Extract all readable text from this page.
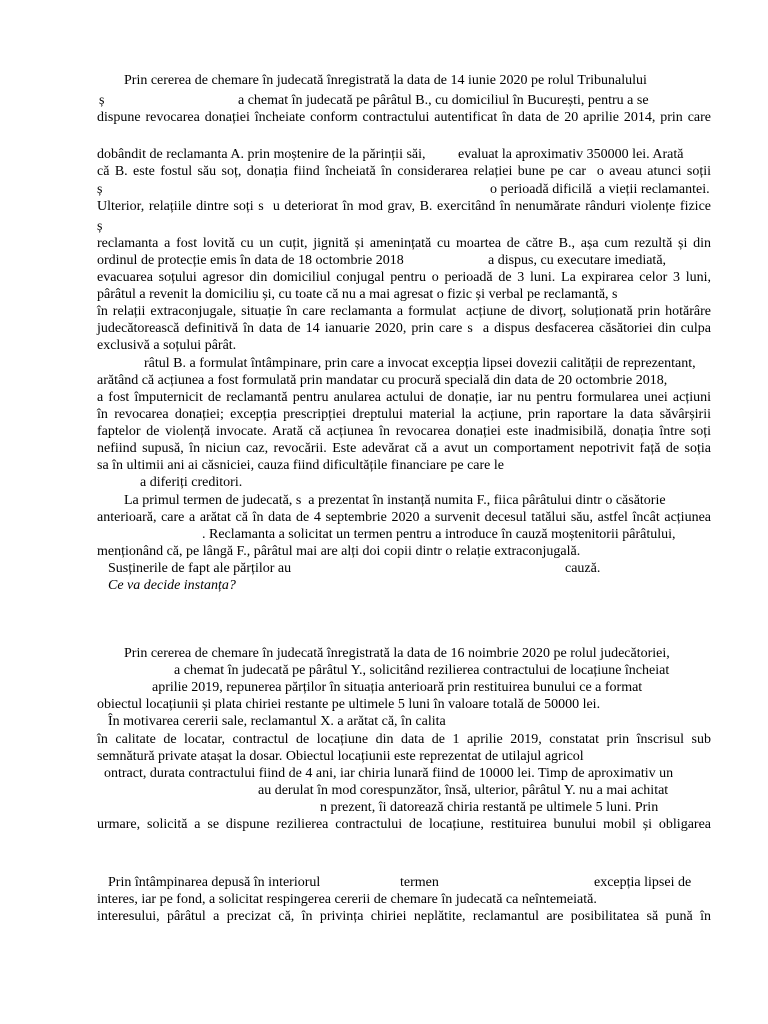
Prin cererea de chemare în judecată înregistrată la data de 14 iunie 2020 pe rolul Tribunalului
ș	a chemat în judecată pe pârâtul B., cu domiciliul în București, pentru a se
dispune revocarea donației încheiate conform contractului autentificat în data de 20 aprilie 2014, prin care
dobândit de reclamanta A. prin moștenire de la părinții săi, evaluat la aproximativ 350000 lei. Arată
că B. este fostul său soț, donația fiind încheiată în considerarea relației bune pe car  o aveau atunci soții
ș	o perioadă dificilă  a vieții reclamantei.
Ulterior, relațiile dintre soți s  u deteriorat în mod grav, B. exercitând în nenumărate rânduri violențe fizice
ș
reclamanta a fost lovită cu un cuțit, jignită și amenințată cu moartea de către B., așa cum rezultă și din
ordinul de protecție emis în data de 18 octombrie 2018	a dispus, cu executare imediată,
evacuarea soțului agresor din domiciliul conjugal pentru o perioadă de 3 luni. La expirarea celor 3 luni,
pârâtul a revenit la domiciliu și, cu toate că nu a mai agresat o fizic și verbal pe reclamantă, s
în relații extraconjugale, situație în care reclamanta a formulat  acțiune de divorț, soluționată prin hotărâre
judecătorească definitivă în data de 14 ianuarie 2020, prin care s  a dispus desfacerea căsătoriei din culpa
exclusivă a soțului pârât.
râtul B. a formulat întâmpinare, prin care a invocat excepția lipsei dovezii calității de reprezentant,
arătând că acțiunea a fost formulată prin mandatar cu procură specială din data de 20 octombrie 2018,
a fost împuternicit de reclamantă pentru anularea actului de donație, iar nu pentru formularea unei acțiuni
în revocarea donației; excepția prescripției dreptului material la acțiune, prin raportare la data săvârșirii
faptelor de violență invocate. Arată că acțiunea în revocarea donației este inadmisibilă, donația între soți
nefiind supusă, în niciun caz, revocării. Este adevărat că a avut un comportament nepotrivit față de soția
sa în ultimii ani ai căsniciei, cauza fiind dificultățile financiare pe care le
a diferiți creditori.
La primul termen de judecată, s  a prezentat în instanță numita F., fiica pârâtului dintr o căsătorie
anterioară, care a arătat că în data de 4 septembrie 2020 a survenit decesul tatălui său, astfel încât acțiunea
. Reclamanta a solicitat un termen pentru a introduce în cauză moștenitorii pârâtului,
menționând că, pe lângă F., pârâtul mai are alți doi copii dintr o relație extraconjugală.
Susținerile de fapt ale părților au	cauză.
Ce va decide instanța?
Prin cererea de chemare în judecată înregistrată la data de 16 noimbrie 2020 pe rolul judecătoriei,
a chemat în judecată pe pârâtul Y., solicitând rezilierea contractului de locațiune încheiat
aprilie 2019, repunerea părților în situația anterioară prin restituirea bunului ce a format
obiectul locațiunii și plata chiriei restante pe ultimele 5 luni în valoare totală de 50000 lei.
În motivarea cererii sale, reclamantul X. a arătat că, în calita
în calitate de locatar, contractul de locațiune din data de 1 aprilie 2019, constatat prin înscrisul sub
semnătură private atașat la dosar. Obiectul locațiunii este reprezentat de utilajul agricol
ontract, durata contractului fiind de 4 ani, iar chiria lunară fiind de 10000 lei. Timp de aproximativ un
au derulat în mod corespunzător, însă, ulterior, pârâtul Y. nu a mai achitat
n prezent, îi datorează chiria restantă pe ultimele 5 luni. Prin
urmare, solicită a se dispune rezilierea contractului de locațiune, restituirea bunului mobil și obligarea
Prin întâmpinarea depusă în interiorul	termen	excepția lipsei de
interes, iar pe fond, a solicitat respingerea cererii de chemare în judecată ca neîntemeiată.
interesului, pârâtul a precizat că, în privința chiriei neplătite, reclamantul are posibilitatea să pună în
